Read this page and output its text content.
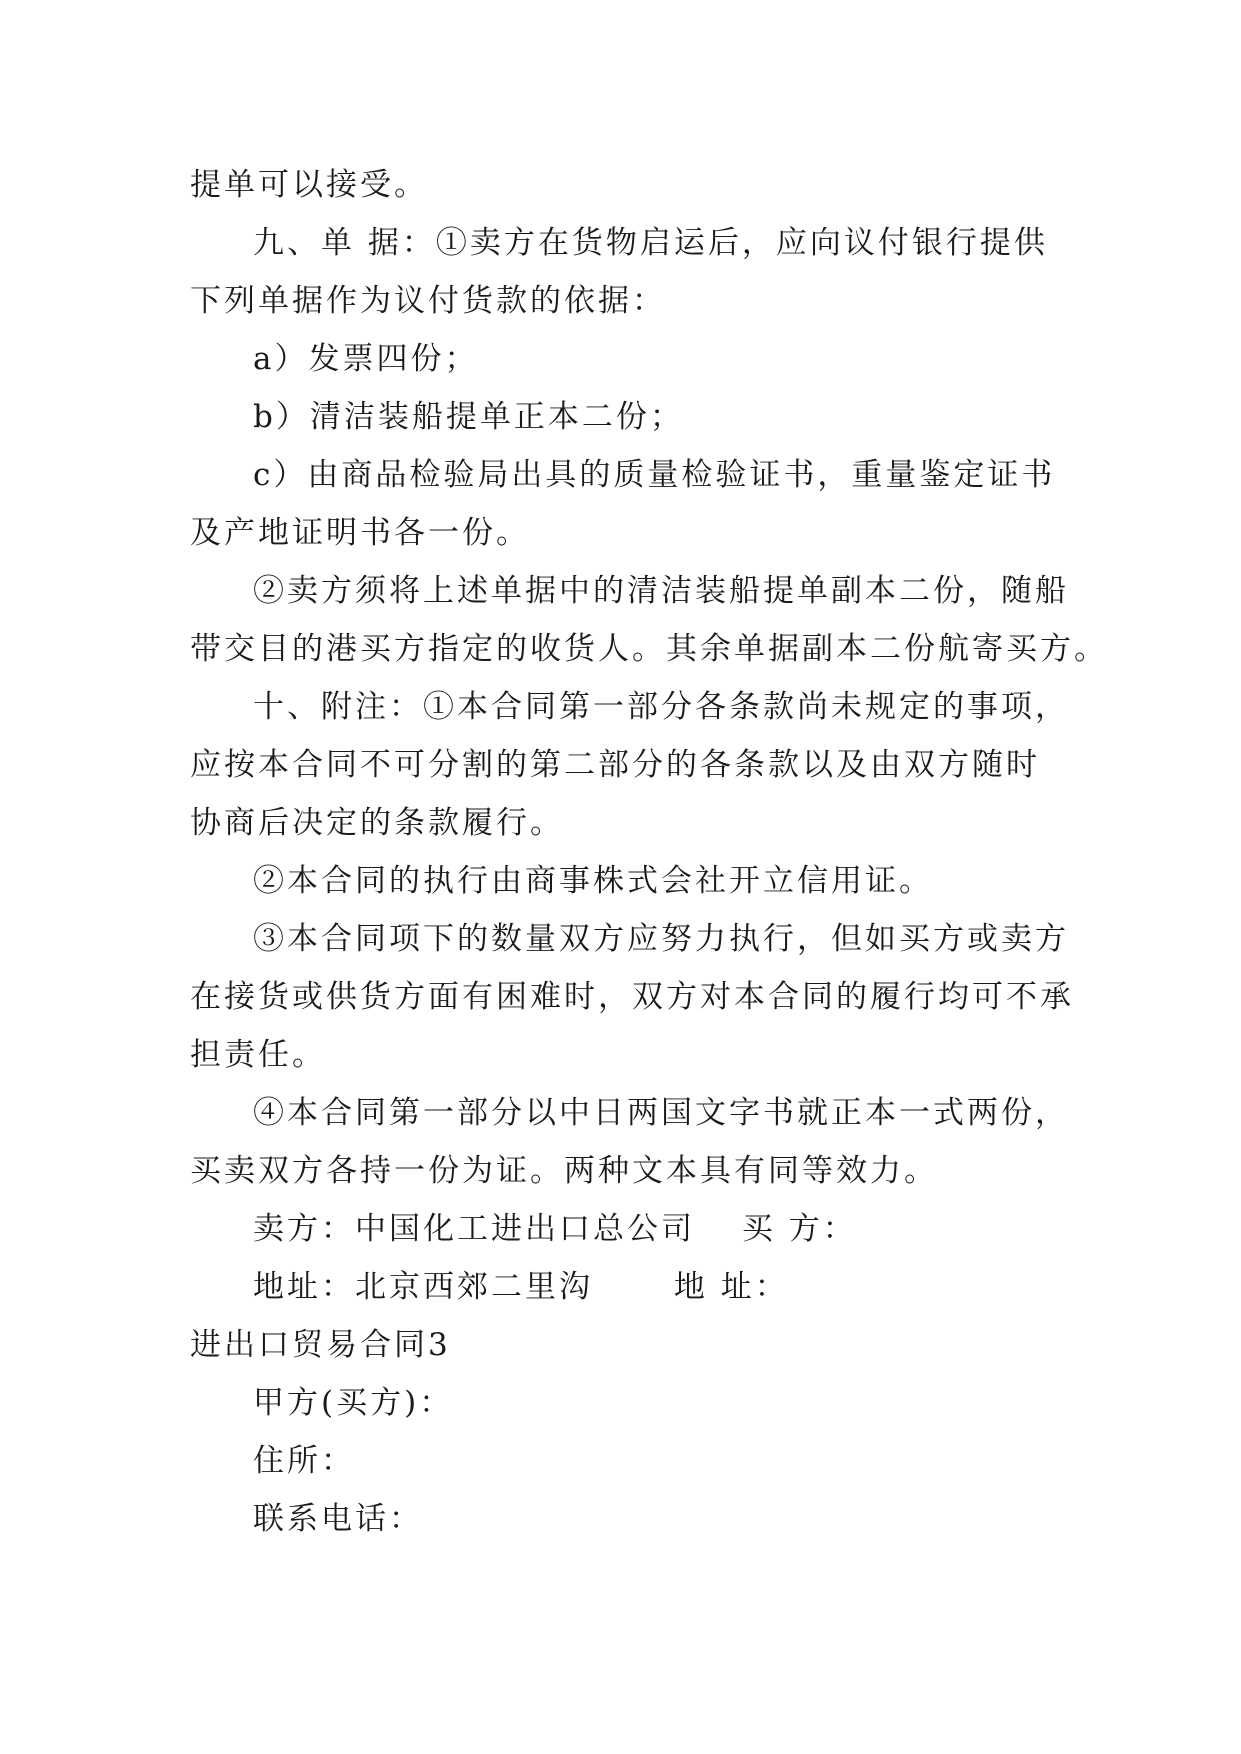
提单可以接受。
九、单 据：①卖方在货物启运后，应向议付银行提供
下列单据作为议付货款的依据：
a）发票四份；
b）清洁装船提单正本二份；
c）由商品检验局出具的质量检验证书，重量鉴定证书
及产地证明书各一份。
②卖方须将上述单据中的清洁装船提单副本二份，随船
带交目的港买方指定的收货人。其余单据副本二份航寄买方。
十、附注：①本合同第一部分各条款尚未规定的事项，
应按本合同不可分割的第二部分的各条款以及由双方随时
协商后决定的条款履行。
②本合同的执行由商事株式会社开立信用证。
③本合同项下的数量双方应努力执行，但如买方或卖方
在接货或供货方面有困难时，双方对本合同的履行均可不承
担责任。
④本合同第一部分以中日两国文字书就正本一式两份，
买卖双方各持一份为证。两种文本具有同等效力。
卖方：中国化工进出口总公司　 买 方：
地址：北京西郊二里沟　　 地 址：
进出口贸易合同3
甲方(买方)：
住所：
联系电话：
